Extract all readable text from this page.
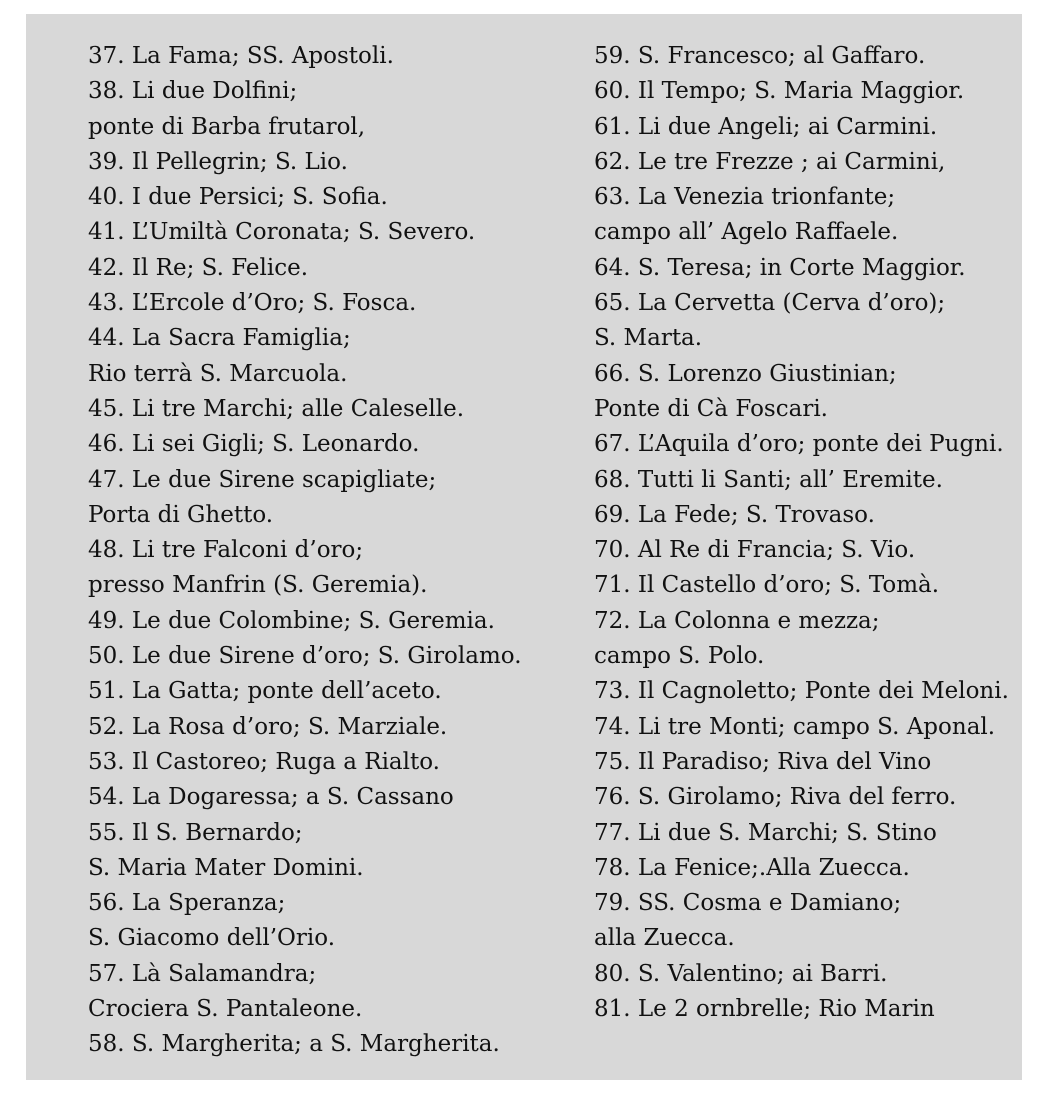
37. La Fama; SS. Apostoli.
38. Li due Dolfini;
ponte di Barba frutarol,
39. Il Pellegrin; S. Lio.
40. I due Persici; S. Sofia.
41. L’Umiltà Coronata; S. Severo.
42. Il Re; S. Felice.
43. L’Ercole d’Oro; S. Fosca.
44. La Sacra Famiglia;
Rio terrà S. Marcuola.
45. Li tre Marchi; alle Caleselle.
46. Li sei Gigli; S. Leonardo.
47. Le due Sirene scapigliate;
Porta di Ghetto.
48. Li tre Falconi d’oro;
presso Manfrin (S. Geremia).
49. Le due Colombine; S. Geremia.
50. Le due Sirene d’oro; S. Girolamo.
51. La Gatta; ponte dell’aceto.
52. La Rosa d’oro; S. Marziale.
53. Il Castoreo; Ruga a Rialto.
54. La Dogaressa; a S. Cassano
55. Il S. Bernardo;
S. Maria Mater Domini.
56. La Speranza;
S. Giacomo dell’Orio.
57. Là Salamandra;
Crociera S. Pantaleone.
58. S. Margherita; a S. Margherita.
59. S. Francesco; al Gaffaro.
60. Il Tempo; S. Maria Maggior.
61. Li due Angeli; ai Carmini.
62. Le tre Frezze ; ai Carmini,
63. La Venezia trionfante;
campo all’ Agelo Raffaele.
64. S. Teresa; in Corte Maggior.
65. La Cervetta (Cerva d’oro);
S. Marta.
66. S. Lorenzo Giustinian;
Ponte di Cà Foscari.
67. L’Aquila d’oro; ponte dei Pugni.
68. Tutti li Santi; all’ Eremite.
69. La Fede; S. Trovaso.
70. Al Re di Francia; S. Vio.
71. Il Castello d’oro; S. Tomà.
72. La Colonna e mezza;
campo S. Polo.
73. Il Cagnoletto; Ponte dei Meloni.
74. Li tre Monti; campo S. Aponal.
75. Il Paradiso; Riva del Vino
76. S. Girolamo; Riva del ferro.
77. Li due S. Marchi; S. Stino
78. La Fenice;.Alla Zuecca.
79. SS. Cosma e Damiano;
alla Zuecca.
80. S. Valentino; ai Barri.
81. Le 2 ornbrelle; Rio Marin
